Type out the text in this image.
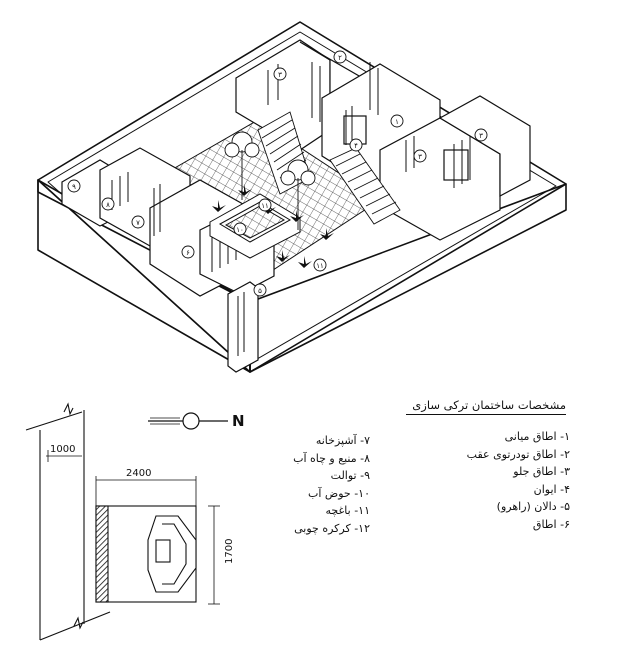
۱
۲
۳
۳
۳
۴
۵
۶
۷
۸
۹
۱۰
۱۱
۱۱
N
1000
2400
1700
مشخصات ساختمان ترکی سازی
۱- اطاق میانی
۲- اطاق تودرتوی عقب
۳- اطاق جلو
۴- ایوان
۵- دالان (راهرو)
۶- اطاق
۷- آشپزخانه
۸- منبع و چاه آب
۹- توالت
۱۰- حوض آب
۱۱- باغچه
۱۲- کرکره چوبی
